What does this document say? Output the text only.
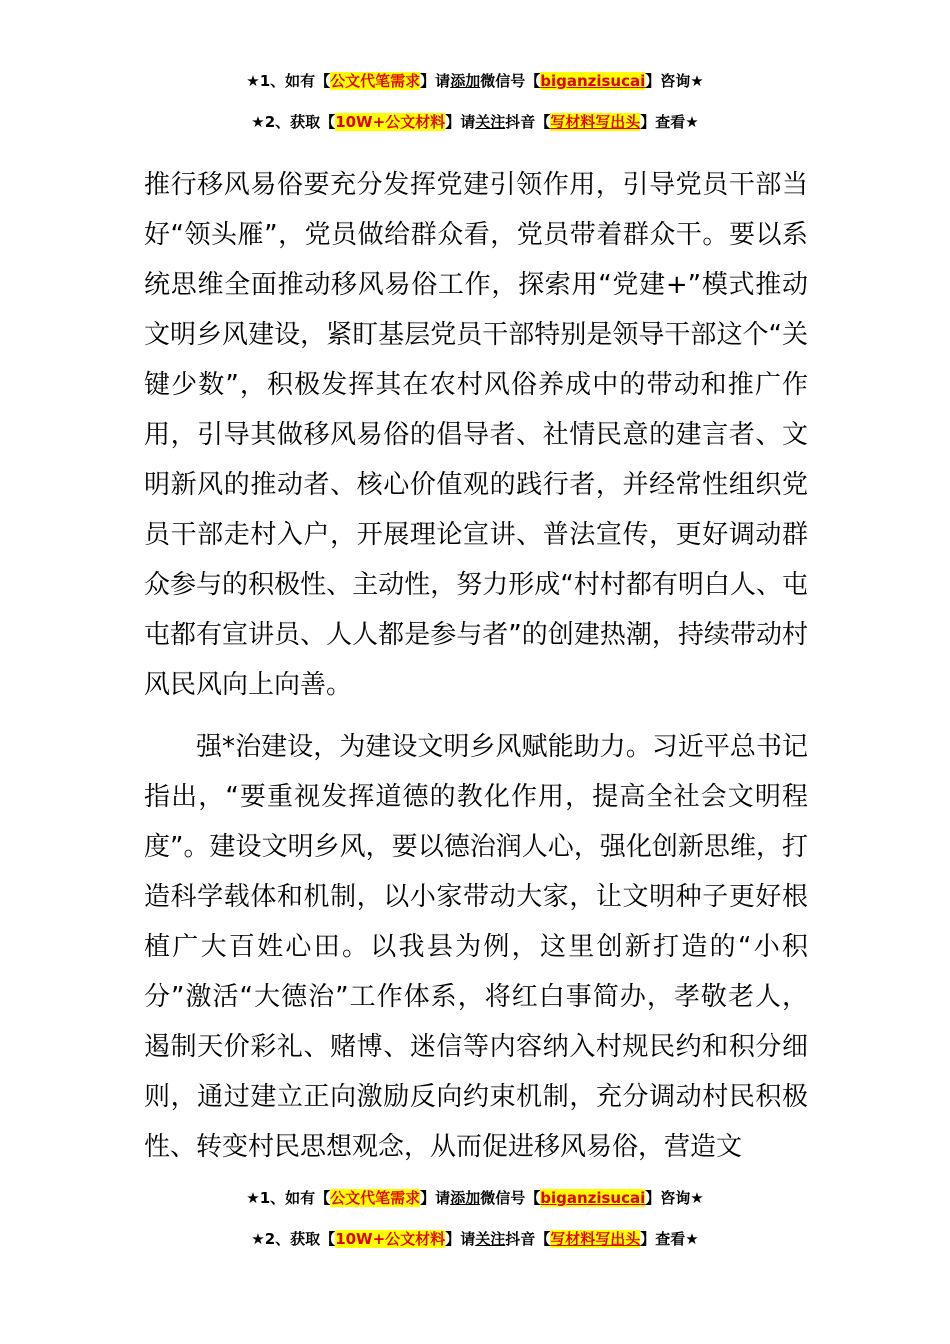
★1、如有【公文代笔需求】请添加微信号【biganzisucai】咨询★
★2、获取【10W+公文材料】请关注抖音【写材料写出头】查看★

推行移风易俗要充分发挥党建引领作用，引导党员干部当好“领头雁”，党员做给群众看，党员带着群众干。要以系统思维全面推动移风易俗工作，探索用“党建+”模式推动文明乡风建设，紧盯基层党员干部特别是领导干部这个“关键少数”，积极发挥其在农村风俗养成中的带动和推广作用，引导其做移风易俗的倡导者、社情民意的建言者、文明新风的推动者、核心价值观的践行者，并经常性组织党员干部走村入户，开展理论宣讲、普法宣传，更好调动群众参与的积极性、主动性，努力形成“村村都有明白人、屯屯都有宣讲员、人人都是参与者”的创建热潮，持续带动村风民风向上向善。

强*治建设，为建设文明乡风赋能助力。习近平总书记指出，“要重视发挥道德的教化作用，提高全社会文明程度”。建设文明乡风，要以德治润人心，强化创新思维，打造科学载体和机制，以小家带动大家，让文明种子更好根植广大百姓心田。以我县为例，这里创新打造的“小积分”激活“大德治”工作体系，将红白事简办，孝敬老人，遏制天价彩礼、赌博、迷信等内容纳入村规民约和积分细则，通过建立正向激励反向约束机制，充分调动村民积极性、转变村民思想观念，从而促进移风易俗，营造文

★1、如有【公文代笔需求】请添加微信号【biganzisucai】咨询★
★2、获取【10W+公文材料】请关注抖音【写材料写出头】查看★
